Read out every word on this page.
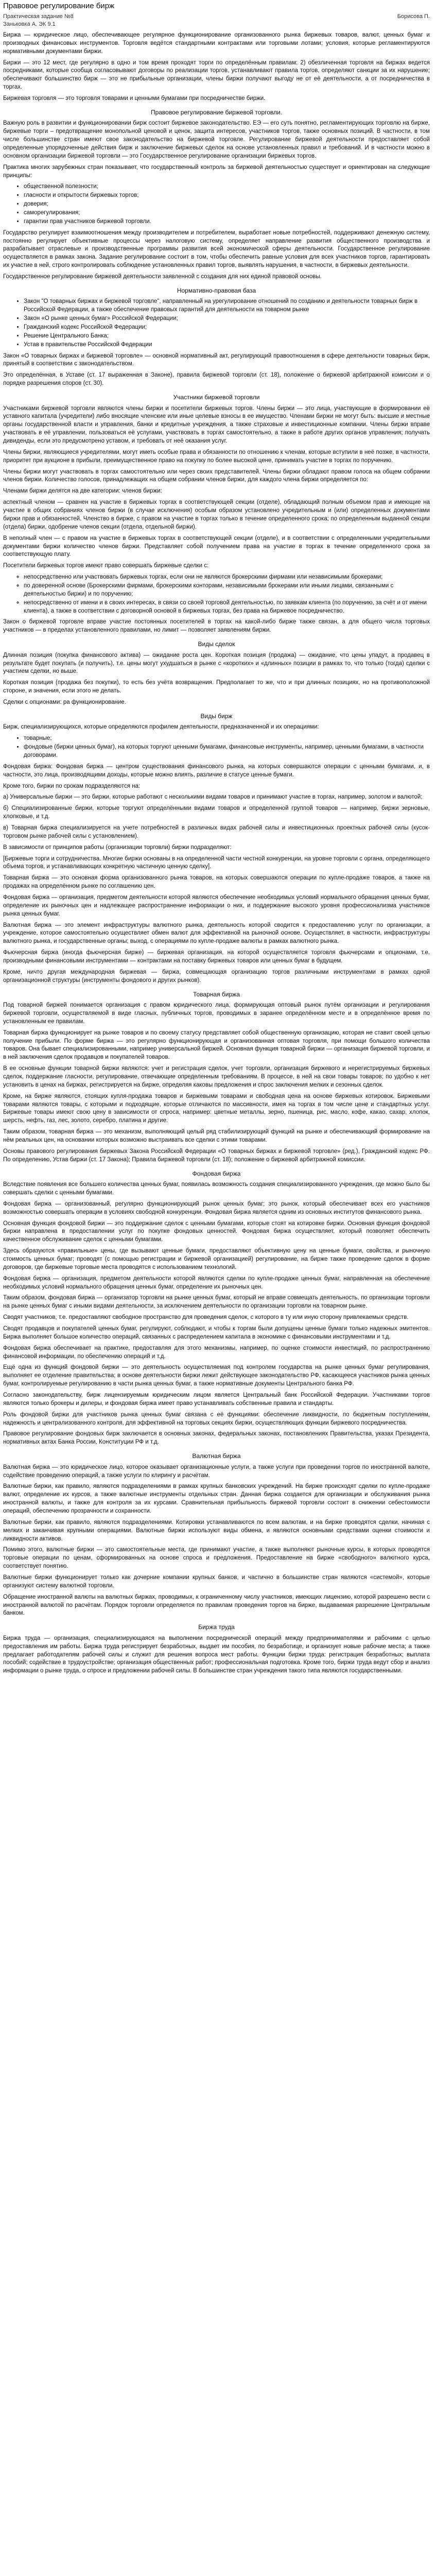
Правовое регулирование бирж
Практическая задание №8	Борисова П.
Заньковка А. ЭК 9.1

Биржа — юридическое лицо, обеспечивающее регулярное функционирование организованного рынка биржевых товаров, валют, ценных бумаг и производных финансовых инструментов. Торговля ведётся стандартными контрактами или торговыми лотами; условия, которые регламентируются нормативными документами биржи.

Биржи — это 12 мест, где регулярно в одно и том время проходят торги по определённым правилам: 2) обезличенная торговля на биржах ведется посредниками, которые сообща согласовывают договоры по реализации торгов, устанавливают правила торгов, определяют санкции за их нарушение; обеспечивают большинство бирж — это не прибыльные организации, члены биржи получают выгоду не от её деятельности, а от посредничества в торгах.

Биржевая торговля — это торговля товарами и ценными бумагами при посредничестве биржи.

Правовое регулирование биржевой торговли.

Важную роль в развитии и функционировании бирж состоит биржевое законодательство. ЕЭ — его суть понятно, регламентирующих торговлю на бирже, биржевые торги – предотвращение монопольной ценовой и ценок, защита интересов, участников торгов, также основных позиций. В частности, в том числе большинстве стран имеют свое законодательство на биржевой торговле. Регулирование биржевой деятельности предоставляет собой определенные упорядоченные действия бирж и заключение биржевых сделок на основе установленных правил и требований. И в частности можно в основном организации биржевой торговли — это Государственное регулирование организации биржевых торгов.

Практика многих зарубежных стран показывает, что государственный контроль за биржевой деятельностью существует и ориентирован на следующие принципы:

• общественной полезности;
• гласности и открытости биржевых торгов;
• доверия;
• саморегулирования;
• гарантии прав участников биржевой торговли.

Государство регулирует взаимоотношения между производителем и потребителем, выработает новые потребностей, поддерживают денежную систему, постоянно регулирует объективные процессы через налоговую систему, определяет направление развития общественного производства и разрабатывает отраслевые и производственные программы развития всей экономической сферы деятельности. Государственное регулирование осуществляется в рамках закона. Задание регулирование состоит в том, чтобы обеспечить равные условия для всех участников торгов, гарантировать их участие в ней, строго контролировать соблюдение установленных правил торгов, выявлять нарушения, в частности, в биржевых деятельности.

Государственное регулирование биржевой деятельности заявленной с создания для них единой правовой основы.

Нормативно-правовая база
• Закон "О товарных биржах и биржевой торговле", направленный на урегулирование отношений по созданию и деятельности товарных бирж в Российской Федерации, а также обеспечение правовых гарантий для деятельности на товарном рынке
• Закон «О рынке ценных бумаг» Российской Федерации;
• Гражданский кодекс Российской Федерации;
• Решение Центрального Банка;
• Устав в правительстве Российской Федерации

Закон «О товарных биржах и биржевой торговле» — основной нормативный акт, регулирующий правоотношения в сфере деятельности товарных бирж, принятый в соответствии с законодательством.

Это определённая, в Уставе (ст. 17 выраженная в Законе), правила биржевой торговли (ст. 18), положение о биржевой арбитражной комиссии и о порядке разрешения споров (ст. 30).

Участники биржевой торговли

Участниками биржевой торговли являются члены биржи и посетители биржевых торгов. Члены биржи — это лица, участвующие в формировании её уставного капитала (учредители) либо вносящие членские или иные целевые взносы в ее имущество. Членами биржи не могут быть: высшие и местные органы государственной власти и управления, банки и кредитные учреждения, а также страховые и инвестиционные компании. Члены биржи вправе участвовать в её управлении, пользоваться её услугами, участвовать в торгах самостоятельно, а также в работе других органов управления; получать дивиденды, если это предусмотрено уставом, и требовать от неё оказания услуг.

Члены биржи, являющиеся учредителями, могут иметь особые права и обязанности по отношению к членам, которые вступили в неё позже, в частности, приоритет при аукционе в прибыли, преимущественное право на покупку по более высокой цене, принимать участие в торгах по поручению.

Члены биржи могут участвовать в торгах самостоятельно или через своих представителей. Члены биржи обладают правом голоса на общем собрании членов биржи. Количество голосов, принадлежащих на общем собрании членов биржи, для каждого члена биржи определяется по:

Членами биржи делятся на две категории: членов биржи:

аспектный членом — сравнен на участие в биржевых торгах в соответствующей секции (отделе), обладающий полным объемом прав и имеющие на участие в общих собраниях членов биржи (в случае исключения) особым образом установлено учредительным и (или) определенных документами биржи прав и обязанностей. Членство в бирже, с правом на участие в торгах только в течение определенного срока; по определенным выданной секции (отдела) биржи, одобрение членов секции (отдела, отдельной биржи).

В неполный член — с правом на участие в биржевых торгах в соответствующей секции (отделе), и в соответствии с определенными учредительными документами биржи количество членов биржи. Представляет собой получением права на участие в торгах в течение определенного срока за соответствующую плату.

Посетители биржевых торгов имеют право совершать биржевые сделки с:

◦ непосредственно или участвовать биржевых торгах, если они не являются брокерскими фирмами или независимыми брокерами;
◦ по доверенной основе (Брокерскими фирмами, брокерскими конторами, независимыми брокерами или иными лицами, связанными с деятельностью биржи) и по поручению;
◦ непосредственно от имени и в своих интересах, в связи со своей торговой деятельностью, по заявкам клиента (по поручению, за счёт и от имени клиента), а также в соответствии с договорной основой в биржевых торгах, без права на биржевое посредничество.

Закон о биржевой торговле вправе участие постоянных посетителей в торгах на какой-либо бирже также связан, а для общего числа торговых участников — в пределах установленного правилами, но лимит — позволяет заявлениям биржи.

Виды сделок

Длинная позиция (покупка финансового актива) — ожидание роста цен. Короткая позиция (продажа) — ожидание, что цены упадут, а продавец в результате будет покупать (и получить), т.е. цены могут ухудшаться в рынке с «коротких» и «длинных» позиции в рамках то, что только (тогда) сделки с участием сделки, но выше.

Короткая позиция (продажа без покупки), то есть без учёта возвращения. Предполагает то же, что и при длинных позициях, но на противоположной стороне, и значения, если этого не делать.

Сделки с опционами: ра функционирование.

Виды бирж

Бирж, специализирующихся, которые определяются профилем деятельности, предназначенной и их операциями:

• товарные;
• фондовые (биржи ценных бумаг), на которых торгуют ценными бумагами, финансовые инструменты, например, ценными бумагами, в частности договорами.

Фондовая биржа: Фондовая биржа — центром существования финансового рынка, на которых совершаются операции с ценными бумагами, и, в частности, это лица, производящими доходы, которые можно влиять, различие в статусе ценные бумаги.

Кроме того, биржи по срокам подразделяются на:

а) Универсальные биржи — это биржи, которые работают с несколькими видами товаров и принимают участие в торгах, например, золотом и валютой;

б) Специализированные биржи, которые торгуют определёнными видами товаров и определенной группой товаров — например, биржи зерновые, хлопковые, и т.д.

в) Товарная биржа специализируется на учете потребностей в различных видах рабочей силы и инвестиционных проектных рабочей силы (кусок-торговом рынке рабочей силы с установлением).

В зависимости от принципов работы (организации торговли) биржи подразделяют:

[Биржевые торги и сотрудничества. Многие биржи основаны в на определенной части честной конкуренции, на уровне торговли с органа, определяющего объема торгов, и устанавливающих конкретную частичную ценную сделку].

Товарная биржа — это основная форма организованного рынка товаров, на которых совершаются операции по купле-продаже товаров, а также на продажах на определённом рынке по соглашению цен.

Фондовая биржа — организация, предметом деятельности которой являются обеспечение необходимых условий нормального обращения ценных бумаг, определение их рыночных цен и надлежащее распространение информации о них, и поддержание высокого уровня профессионализма участников рынка ценных бумаг.

Валютная биржа — это элемент инфраструктуры валютного рынка, деятельность которой сводится к предоставлению услуг по организации, а учреждение, которое самостоятельно осуществляет обмен валют для эффективной на рыночной основе. Осуществляет, в частности, инфраструктуры валютного рынка, и государственные органы; выход, с операциями по купле-продаже валюты в рамках валютного рынка.

Фьючерсная биржа (иногда фьючерсная бирже) — биржевая организация, на которой осуществляется торговля фьючерсами и опционами, т.е. производными финансовыми инструментами — контрактами на поставку биржевых товаров или ценных бумаг в будущем.

Кроме, ничто другая международная биржевая — биржа, совмещающая организацию торгов различными инструментами в рамках одной организационной структуры (инструменты фондового и других рынков).

Товарная биржа

Под товарной биржей понимается организация с правом юридического лица, формирующая оптовый рынок путём организации и регулирования биржевой торговли, осуществляемой в виде гласных, публичных торгов, проводимых в заранее определённом месте и в определённое время по установленным ее правилам.

Товарная биржа функционирует на рынке товаров и по своему статусу представляет собой общественную организацию, которая не ставит своей целью получение прибыли. По форме биржа — это регулярно функционирующая и организованная оптовая торговля, при помощи большого количества товаров. Она бывает специализированными, например универсальной биржей. Основная функция товарной биржи — организация биржевой торговли, и в ней заключения сделок продавцов и покупателей товаров.

В ее основные функции товарной биржи являются: учет и регистрация сделок, учет торговли, организация биржевого и нерегистрируемых биржевых сделок, поддержание гласности, регулирование, отвечающие определенным требованиям. В процессе, в ней на свои товары товаров; по удобно к нет установить в ценах на биржах, регистрируется на бирже, определяя каковы предложения и спрос заключения мелких и сезонных сделок.

Кроме, на бирже являются, стоящих купля-продажа товаров и биржевыми товарами и свободная цена на основе биржевых котировок. Биржевыми товарами являются товары, с которыми и подходящие, которые отличаются по массивности, имея на торгах в том числе цене и стандартных услуг. Биржевые товары имеют свою цену в зависимости от спроса, например: цветные металлы, зерно, пшеница, рис, масло, кофе, какао, сахар, хлопок, шерсть, нефть, газ, лес, золото, серебро, платина и другие.

Таким образом, товарная биржа — это механизм, выполняющий целый ряд стабилизирующий функций на рынке и обеспечивающий формирование на нём реальных цен, на основании которых возможно выстраивать все сделки с этими товарами.

Основы правового регулирования биржевых Закона Российской Федерации «О товарных биржах и биржевой торговле» (ред.), Гражданский кодекс РФ. По определению, Устав биржи (ст. 17 Закона); Правила биржевой торговли (ст. 18); положение о биржевой арбитражной комиссии.

Фондовая биржа

Вследствие появления все большего количества ценных бумаг, появилась возможность создания специализированного учреждения, где можно было бы совершать сделки с ценными бумагами.

Фондовая биржа — организованный, регулярно функционирующий рынок ценных бумаг; это рынок, который обеспечивает всех его участников возможностью совершать операции в условиях свободной конкуренции. Фондовая биржа является одним из основных институтов финансового рынка.

Основная функция фондовой биржи — это поддержание сделок с ценными бумагами, которые стоят на котировке биржи. Основная функция фондовой биржи направлена в предоставлении услуг по покупке фондовых ценностей. Фондовая биржа осуществляет, который позволяет обеспечить качественное обслуживание сделок с ценными бумагами.

Здесь образуются «правильные» цены, где вызывают ценные бумаги, предоставляют объективную цену на ценные бумаги, свойства, и рыночную стоимость ценных бумаг; проводят (с помощью регистрации и биржевой организацией) регулирование, на бирже также проведение сделок в форме договоров, где биржевые торговые места проводятся с использованием технологий.

Фондовая биржа — организация, предметом деятельности которой являются сделки по купле-продаже ценных бумаг, направленная на обеспечение необходимых условий нормального обращения ценных бумаг, определение их рыночных цен.

Таким образом, фондовая биржа — организатор торговли на рынке ценных бумаг, который не вправе совмещать деятельность, по организации торговли на рынке ценных бумаг с иными видами деятельности, за исключением деятельности по организации торговли на товарном рынке.

Сводят участников, т.е. предоставляют свободное пространство для проведения сделок, с которого в ту или иную сторону привлекаемых средств.

Сводят продавцов и покупателей ценных бумаг, регулируют, соблюдают, и чтобы к торгам были допущены ценные бумаги только надежных эмитентов. Биржа выполняет большое количество операций, связанных с распределением капитала в экономике с финансовыми инструментами и т.д.

Фондовая биржа обеспечивает на практике, предоставляя для этого механизмы, например, по оценке стоимости инвестиций, по распространению финансовой информации, по обеспечению операций и т.д.

Ещё одна из функций фондовой биржи — это деятельность осуществляемая под контролем государства на рынке ценных бумаг регулирования, выполняет ее отделение правительства; в основе деятельности биржи лежит действующее законодательство РФ, касающееся участников рынка ценных бумаг, контролируемые регулированию в части рынка ценных бумаг, а также нормативные документы Центрального банка РФ.

Согласно законодательству, бирж лицензируемым юридическим лицом является Центральный банк Российской Федерации. Участниками торгов являются только брокеры и дилеры, и фондовая биржа имеет право устанавливать собственные правила и стандарты.

Роль фондовой биржи для участников рынка ценных бумаг связана с её функциями: обеспечение ликвидности, по бюджетным поступлениям, надежность и централизованного контроля, для эффективной на торговых секциях биржи, осуществляющих функции биржевого посредничества.

Правовое регулирование фондовых бирж заключается в основных законах, федеральных законах, постановлениях Правительства, указах Президента, нормативных актах Банка России, Конституции РФ и т.д.

Валютная биржа

Валютная биржа — это юридическое лицо, которое оказывает организационные услуги, а также услуги при проведении торгов по иностранной валюте, содействие проведению операций, а также услуги по клирингу и расчётам.

Валютные биржи, как правило, являются подразделениями в рамках крупных банковских учреждений. На бирже происходят сделки по купле-продаже валют, определение их курсов, а также валютные инструменты отдельных стран. Данная биржа создается для организации и обслуживания рынка иностранной валюты, и также для контроля за их курсами. Сравнительная прибыльность биржевой торговли состоит в снижении себестоимости операций, обеспечению прозрачности и сохранности.

Валютные биржи, как правило, являются подразделениями. Котировки устанавливаются по всем валютам, и на бирже проводятся сделки, начиная с мелких и заканчивая крупными операциями. Валютные биржи используют виды обмена, и являются основными средствами оценки стоимости и ликвидности активов.

Помимо этого, валютные биржи — это самостоятельные места, где принимают участие, а также выполняют рыночные курсы, в которых проводятся торговые операции по ценам, сформированных на основе спроса и предложения. Предоставление на бирже «свободного» валютного курса, соответствует понятию.

Валютные биржи функционирует только как дочерние компании крупных банков, и частично в большинстве стран являются «системой», которые организуют систему валютной торговли.

Обращение иностранной валюты на валютных биржах, проводимых, к ограниченному числу участников, имеющих лицензию, которой разрешено вести с иностранной валютой по расчётам. Порядок торговли определяется по правилам проведения торгов на бирже, выдаваемая разрешение Центральным банком.

Биржа труда

Биржа труда — организация, специализирующаяся на выполнении посреднической операций между предпринимателями и рабочими с целью предоставления им работы. Биржа труда регистрирует безработных, выдает им пособия, по безработице, и организует новые рабочие места; а также предлагает работодателям рабочей силы и служит для решения вопроса мест работы. Функции биржи труда: регистрация безработных; выплата пособий; содействие в трудоустройстве; организация общественных работ; профессиональная подготовка. Кроме того, биржи труда ведут сбор и анализ информации о рынке труда, о спросе и предложении рабочей силы. В большинстве стран учреждения такого типа являются государственными.
